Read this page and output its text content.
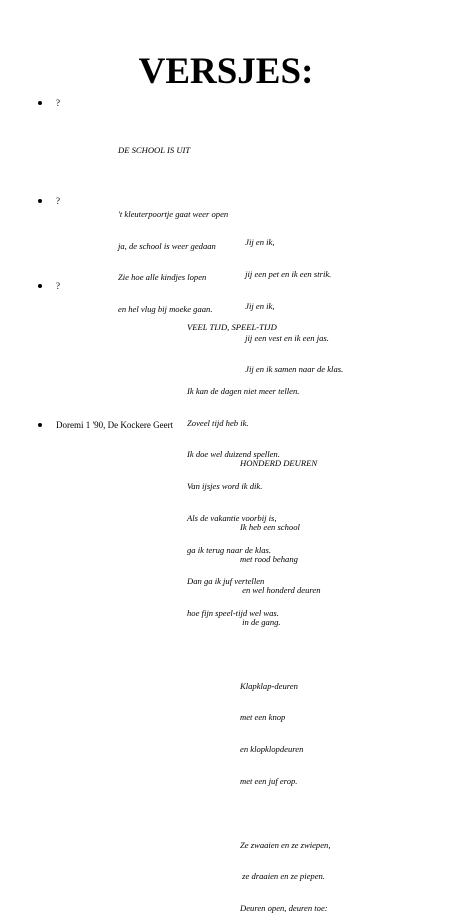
VERSJES:
?

DE SCHOOL IS UIT

't kleuterpoortje gaat weer open

ja, de school is weer gedaan

Zie hoe alle kindjes lopen

en hel vlug bij moeke gaan.

?

Jij en ik,

jij een pet en ik een strik.

Jij en ik,

jij een vest en ik een jas.

Jij en ik samen naar de klas.

?

VEEL TIJD, SPEEL-TIJD

Ik kan de dagen niet meer tellen.

Zoveel tijd heb ik.

Ik doe wel duizend spellen.

Van ijsjes word ik dik.

Als de vakantie voorbij is,

ga ik terug naar de klas.

Dan ga ik juf vertellen

hoe fijn speel-tijd wel was.

Doremi 1 '90, De Kockere Geert

HONDERD DEUREN

Ik heb een school

met rood behang

en wel honderd deuren

in de gang.

Klapklap-deuren

met een knop

en klopklopdeuren

met een juf erop.

Ze zwaaien en ze zwiepen,

ze draaien en ze piepen.

Deuren open, deuren toe:
